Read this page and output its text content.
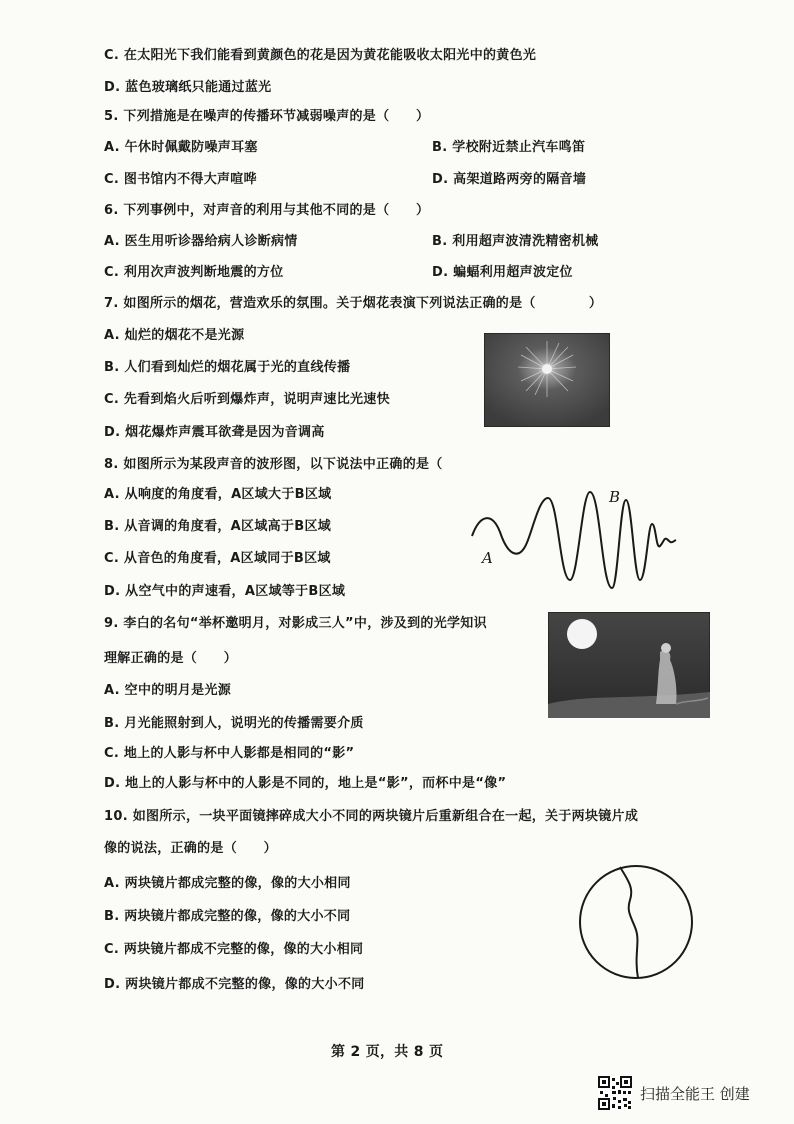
C. 在太阳光下我们能看到黄颜色的花是因为黄花能吸收太阳光中的黄色光
D. 蓝色玻璃纸只能通过蓝光
5. 下列措施是在噪声的传播环节减弱噪声的是（　　）
A. 午休时佩戴防噪声耳塞	B. 学校附近禁止汽车鸣笛
C. 图书馆内不得大声喧哗	D. 高架道路两旁的隔音墙
6. 下列事例中，对声音的利用与其他不同的是（　　）
A. 医生用听诊器给病人诊断病情	B. 利用超声波清洗精密机械
C. 利用次声波判断地震的方位	D. 蝙蝠利用超声波定位
7. 如图所示的烟花，营造欢乐的氛围。关于烟花表演下列说法正确的是（　　　　）
A. 灿烂的烟花不是光源
B. 人们看到灿烂的烟花属于光的直线传播
C. 先看到焰火后听到爆炸声，说明声速比光速快
D. 烟花爆炸声震耳欲聋是因为音调高
8. 如图所示为某段声音的波形图，以下说法中正确的是（
A. 从响度的角度看，A区域大于B区域
B. 从音调的角度看，A区域高于B区域
C. 从音色的角度看，A区域同于B区域
D. 从空气中的声速看，A区域等于B区域
A
B
9. 李白的名句“举杯邀明月，对影成三人”中，涉及到的光学知识
理解正确的是（　　）
A. 空中的明月是光源
B. 月光能照射到人，说明光的传播需要介质
C. 地上的人影与杯中人影都是相同的“影”
D. 地上的人影与杯中的人影是不同的，地上是“影”，而杯中是“像”
10. 如图所示，一块平面镜摔碎成大小不同的两块镜片后重新组合在一起，关于两块镜片成
像的说法，正确的是（　　）
A. 两块镜片都成完整的像，像的大小相同
B. 两块镜片都成完整的像，像的大小不同
C. 两块镜片都成不完整的像，像的大小相同
D. 两块镜片都成不完整的像，像的大小不同
第 2 页，共 8 页
扫描全能王 创建
